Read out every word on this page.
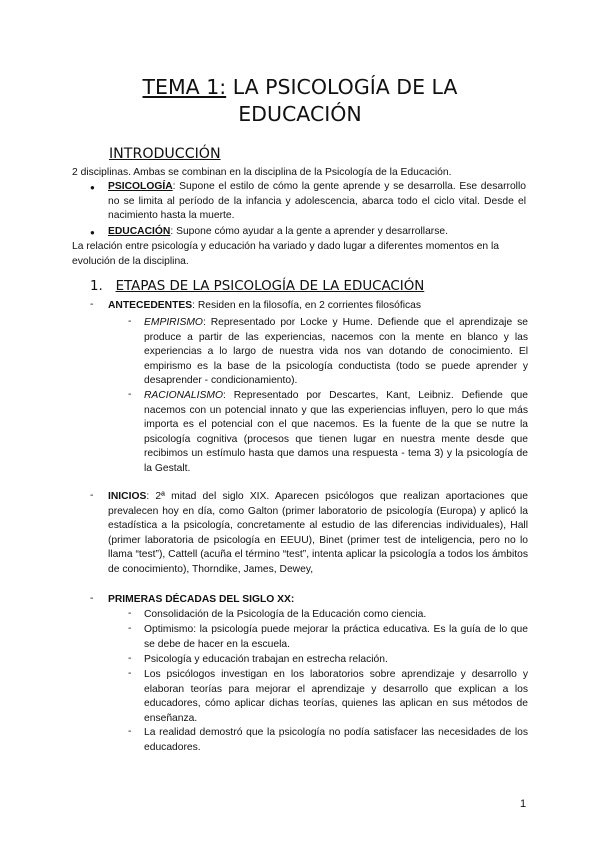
TEMA 1: LA PSICOLOGÍA DE LA
EDUCACIÓN
INTRODUCCIÓN
2 disciplinas. Ambas se combinan en la disciplina de la Psicología de la Educación.
● PSICOLOGÍA: Supone el estilo de cómo la gente aprende y se desarrolla. Ese desarrollo no se limita al período de la infancia y adolescencia, abarca todo el ciclo vital. Desde el nacimiento hasta la muerte.
● EDUCACIÓN: Supone cómo ayudar a la gente a aprender y desarrollarse.
La relación entre psicología y educación ha variado y dado lugar a diferentes momentos en la evolución de la disciplina.
1. ETAPAS DE LA PSICOLOGÍA DE LA EDUCACIÓN
- ANTECEDENTES: Residen en la filosofía, en 2 corrientes filosóficas
- EMPIRISMO: Representado por Locke y Hume. Defiende que el aprendizaje se produce a partir de las experiencias, nacemos con la mente en blanco y las experiencias a lo largo de nuestra vida nos van dotando de conocimiento. El empirismo es la base de la psicología conductista (todo se puede aprender y desaprender - condicionamiento).
- RACIONALISMO: Representado por Descartes, Kant, Leibniz. Defiende que nacemos con un potencial innato y que las experiencias influyen, pero lo que más importa es el potencial con el que nacemos. Es la fuente de la que se nutre la psicología cognitiva (procesos que tienen lugar en nuestra mente desde que recibimos un estímulo hasta que damos una respuesta - tema 3) y la psicología de la Gestalt.
- INICIOS: 2ª mitad del siglo XIX. Aparecen psicólogos que realizan aportaciones que prevalecen hoy en día, como Galton (primer laboratorio de psicología (Europa) y aplicó la estadística a la psicología, concretamente al estudio de las diferencias individuales), Hall (primer laboratoria de psicología en EEUU), Binet (primer test de inteligencia, pero no lo llama “test”), Cattell (acuña el término “test”, intenta aplicar la psicología a todos los ámbitos de conocimiento), Thorndike, James, Dewey,
- PRIMERAS DÉCADAS DEL SIGLO XX:
- Consolidación de la Psicología de la Educación como ciencia.
- Optimismo: la psicología puede mejorar la práctica educativa. Es la guía de lo que se debe de hacer en la escuela.
- Psicología y educación trabajan en estrecha relación.
- Los psicólogos investigan en los laboratorios sobre aprendizaje y desarrollo y elaboran teorías para mejorar el aprendizaje y desarrollo que explican a los educadores, cómo aplicar dichas teorías, quienes las aplican en sus métodos de enseñanza.
- La realidad demostró que la psicología no podía satisfacer las necesidades de los educadores.
1
